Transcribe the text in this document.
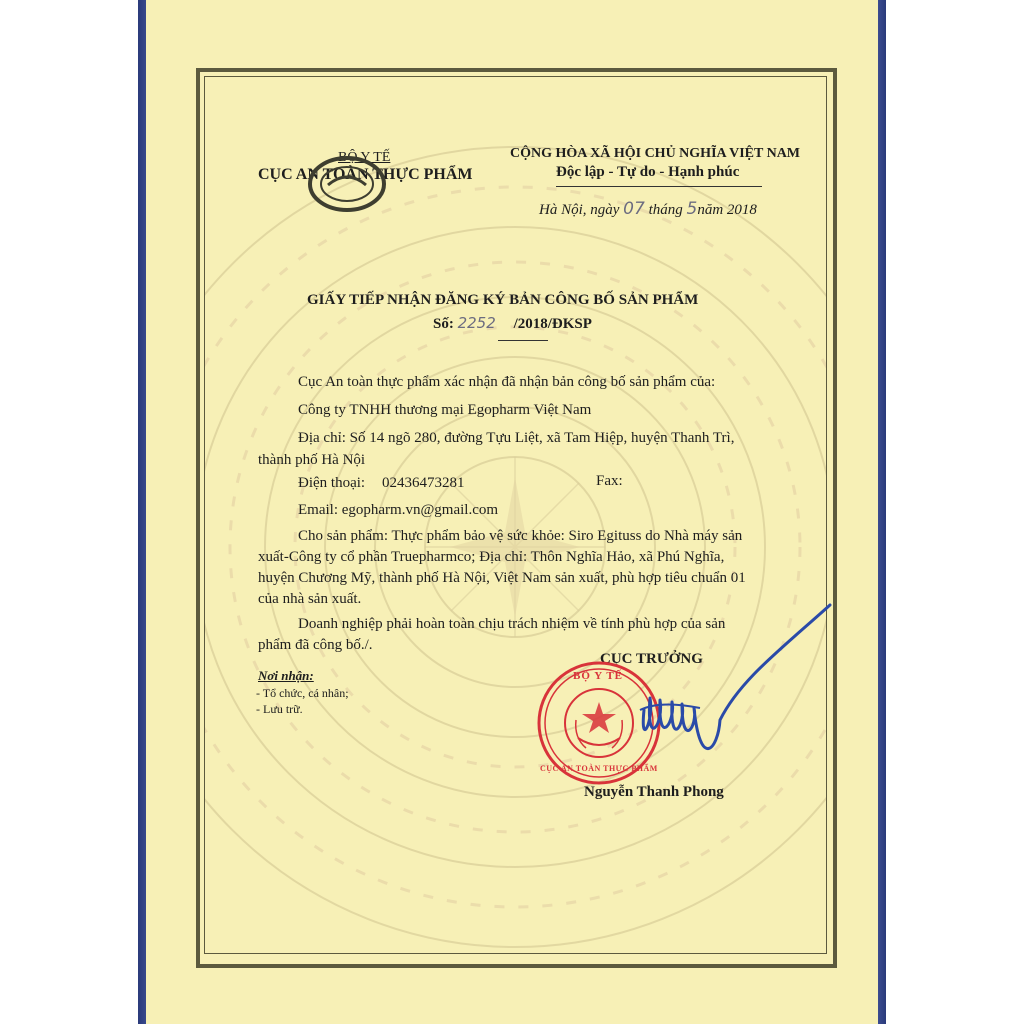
BỘ Y TẾ
CỤC AN TOÀN THỰC PHẨM
CỘNG HÒA XÃ HỘI CHỦ NGHĨA VIỆT NAM
Độc lập - Tự do - Hạnh phúc
Hà Nội, ngày 07 tháng 5năm 2018
GIẤY TIẾP NHẬN ĐĂNG KÝ BẢN CÔNG BỐ SẢN PHẨM
Số: 2252 /2018/ĐKSP
Cục An toàn thực phẩm xác nhận đã nhận bản công bố sản phẩm của:
Công ty TNHH thương mại Egopharm Việt Nam
Địa chỉ: Số 14 ngõ 280, đường Tựu Liệt, xã Tam Hiệp, huyện Thanh Trì,
thành phố Hà Nội
Điện thoại: 02436473281	Fax:
Email: egopharm.vn@gmail.com
Cho sản phẩm: Thực phẩm bảo vệ sức khỏe: Siro Egituss do Nhà máy sản
xuất-Công ty cổ phần Truepharmco; Địa chỉ: Thôn Nghĩa Hảo, xã Phú Nghĩa,
huyện Chương Mỹ, thành phố Hà Nội, Việt Nam sản xuất, phù hợp tiêu chuẩn 01
của nhà sản xuất.
Doanh nghiệp phải hoàn toàn chịu trách nhiệm về tính phù hợp của sản
phẩm đã công bố./.
Nơi nhận:
- Tổ chức, cá nhân;
- Lưu trữ.
CỤC TRƯỞNG
BỘ Y TẾ
CỤC AN TOÀN THỰC PHẨM
Nguyễn Thanh Phong
